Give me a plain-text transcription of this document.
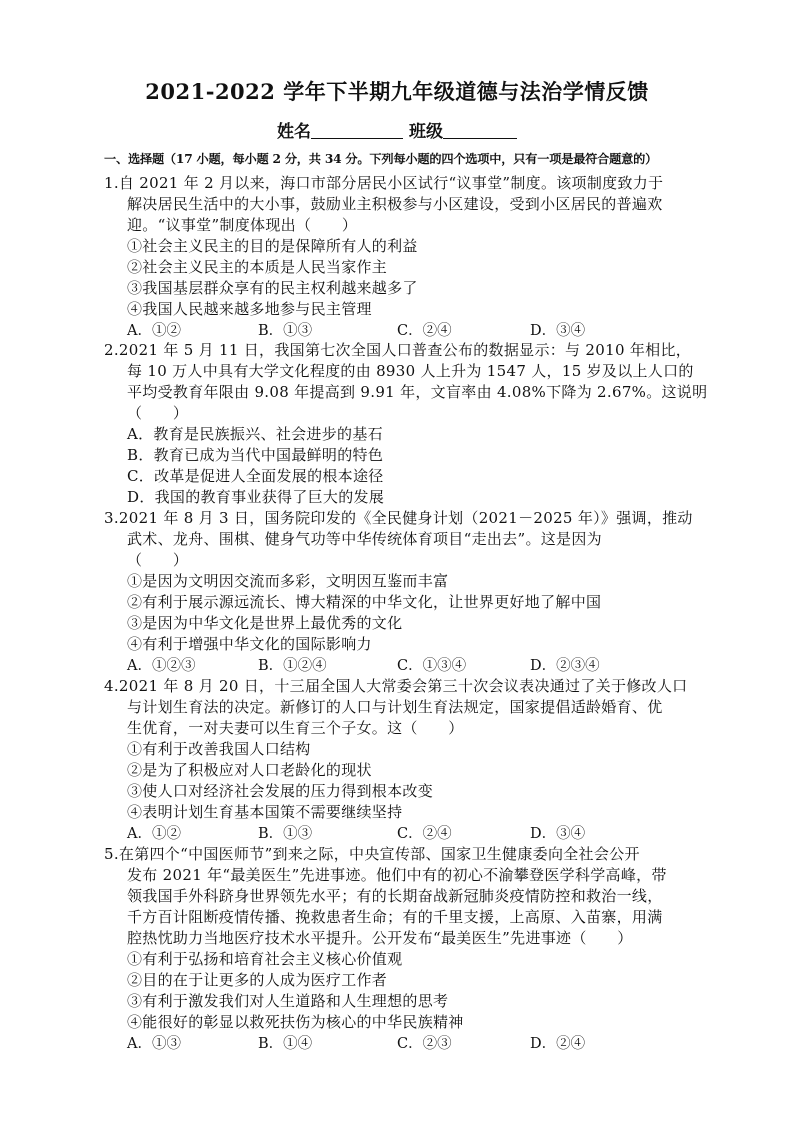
2021-2022 学年下半期九年级道德与法治学情反馈
姓名	班级
一、选择题（17 小题，每小题 2 分，共 34 分。下列每小题的四个选项中，只有一项是最符合题意的）
1.自 2021 年 2 月以来，海口市部分居民小区试行“议事堂”制度。该项制度致力于
解决居民生活中的大小事，鼓励业主积极参与小区建设，受到小区居民的普遍欢
迎。“议事堂”制度体现出（　　）
①社会主义民主的目的是保障所有人的利益
②社会主义民主的本质是人民当家作主
③我国基层群众享有的民主权利越来越多了
④我国人民越来越多地参与民主管理
A．①②	B．①③	C．②④	D．③④
2.2021 年 5 月 11 日，我国第七次全国人口普查公布的数据显示：与 2010 年相比，
每 10 万人中具有大学文化程度的由 8930 人上升为 1547 人，15 岁及以上人口的
平均受教育年限由 9.08 年提高到 9.91 年，文盲率由 4.08%下降为 2.67%。这说明
（　　）
A．教育是民族振兴、社会进步的基石
B．教育已成为当代中国最鲜明的特色
C．改革是促进人全面发展的根本途径
D．我国的教育事业获得了巨大的发展
3.2021 年 8 月 3 日，国务院印发的《全民健身计划（2021－2025 年）》强调，推动
武术、龙舟、围棋、健身气功等中华传统体育项目“走出去”。这是因为
（　　）
①是因为文明因交流而多彩，文明因互鉴而丰富
②有利于展示源远流长、博大精深的中华文化，让世界更好地了解中国
③是因为中华文化是世界上最优秀的文化
④有利于增强中华文化的国际影响力
A．①②③	B．①②④	C．①③④	D．②③④
4.2021 年 8 月 20 日，十三届全国人大常委会第三十次会议表决通过了关于修改人口
与计划生育法的决定。新修订的人口与计划生育法规定，国家提倡适龄婚育、优
生优育，一对夫妻可以生育三个子女。这（　　）
①有利于改善我国人口结构
②是为了积极应对人口老龄化的现状
③使人口对经济社会发展的压力得到根本改变
④表明计划生育基本国策不需要继续坚持
A．①②	B．①③	C．②④	D．③④
5.在第四个“中国医师节”到来之际，中央宣传部、国家卫生健康委向全社会公开
发布 2021 年“最美医生”先进事迹。他们中有的初心不渝攀登医学科学高峰，带
领我国手外科跻身世界领先水平；有的长期奋战新冠肺炎疫情防控和救治一线，
千方百计阻断疫情传播、挽救患者生命；有的千里支援，上高原、入苗寨，用满
腔热忱助力当地医疗技术水平提升。公开发布“最美医生”先进事迹（　　）
①有利于弘扬和培育社会主义核心价值观
②目的在于让更多的人成为医疗工作者
③有利于激发我们对人生道路和人生理想的思考
④能很好的彰显以救死扶伤为核心的中华民族精神
A．①③	B．①④	C．②③	D．②④
